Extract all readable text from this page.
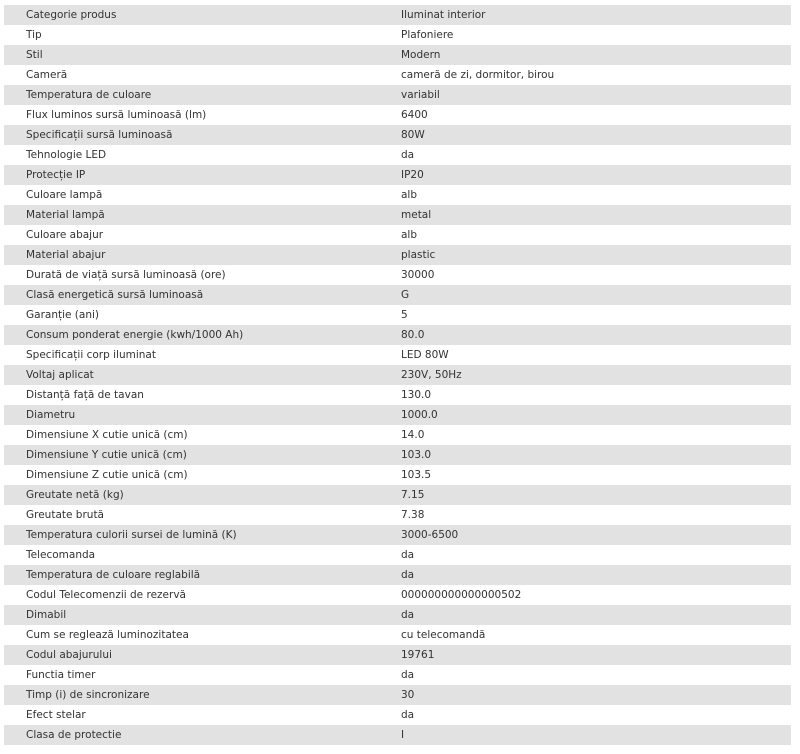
Categorie produs	Iluminat interior
Tip	Plafoniere
Stil	Modern
Cameră	cameră de zi, dormitor, birou
Temperatura de culoare	variabil
Flux luminos sursă luminoasă (lm)	6400
Specificații sursă luminoasă	80W
Tehnologie LED	da
Protecție IP	IP20
Culoare lampă	alb
Material lampă	metal
Culoare abajur	alb
Material abajur	plastic
Durată de viață sursă luminoasă (ore)	30000
Clasă energetică sursă luminoasă	G
Garanție (ani)	5
Consum ponderat energie (kwh/1000 Ah)	80.0
Specificații corp iluminat	LED 80W
Voltaj aplicat	230V, 50Hz
Distanță față de tavan	130.0
Diametru	1000.0
Dimensiune X cutie unică (cm)	14.0
Dimensiune Y cutie unică (cm)	103.0
Dimensiune Z cutie unică (cm)	103.5
Greutate netă (kg)	7.15
Greutate brută	7.38
Temperatura culorii sursei de lumină (K)	3000-6500
Telecomanda	da
Temperatura de culoare reglabilă	da
Codul Telecomenzii de rezervă	000000000000000502
Dimabil	da
Cum se reglează luminozitatea	cu telecomandă
Codul abajurului	19761
Functia timer	da
Timp (i) de sincronizare	30
Efect stelar	da
Clasa de protectie	I
